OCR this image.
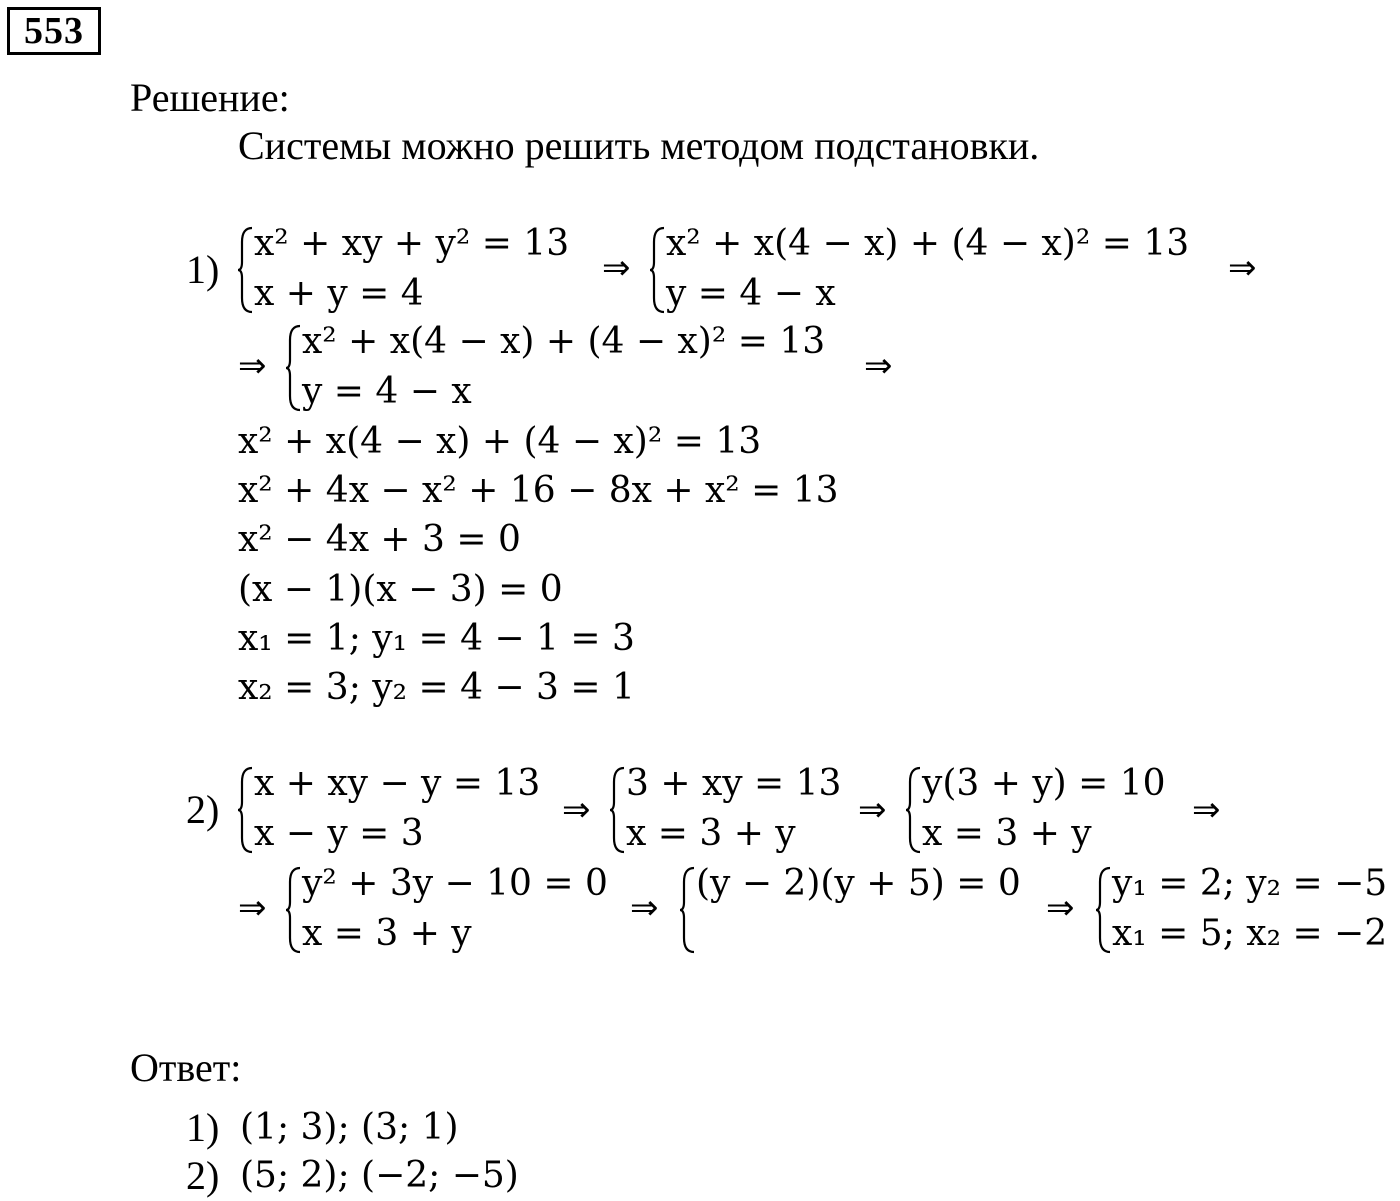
553
Решение:
Системы можно решить методом подстановки.
1)
x² + xy + y² = 13
x + y = 4
⇒
x² + x(4 − x) + (4 − x)² = 13
y = 4 − x
⇒
⇒
x² + x(4 − x) + (4 − x)² = 13
y = 4 − x
⇒
x² + x(4 − x) + (4 − x)² = 13
x² + 4x − x² + 16 − 8x + x² = 13
x² − 4x + 3 = 0
(x − 1)(x − 3) = 0
x₁ = 1; y₁ = 4 − 1 = 3
x₂ = 3; y₂ = 4 − 3 = 1
2)
x + xy − y = 13
x − y = 3
⇒
3 + xy = 13
x = 3 + y
⇒
y(3 + y) = 10
x = 3 + y
⇒
⇒
y² + 3y − 10 = 0
x = 3 + y
⇒
(y − 2)(y + 5) = 0
⇒
y₁ = 2; y₂ = −5
x₁ = 5; x₂ = −2
Ответ:
1) (1; 3); (3; 1)
2) (5; 2); (−2; −5)
